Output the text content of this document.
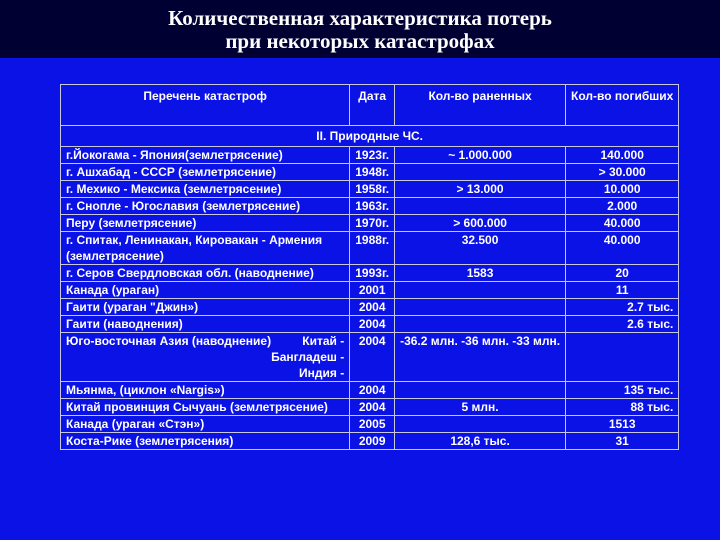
Количественная характеристика потерь
при некоторых катастрофах
Перечень катастроф	Дата	Кол-во раненных	Кол-во погибших
II. Природные ЧС.			
г.Йокогама - Япония(землетрясение)	1923г.	~ 1.000.000	140.000
г. Ашхабад - СССР (землетрясение)	1948г.		> 30.000
г. Мехико - Мексика (землетрясение)	1958г.	> 13.000	10.000
г. Снопле - Югославия (землетрясение)	1963г.		2.000
Перу (землетрясение)	1970г.	> 600.000	40.000
г. Спитак, Ленинакан, Кировакан - Армения (землетрясение)	1988г.	32.500	40.000
г. Серов Свердловская обл. (наводнение)	1993г.	1583	20
Канада (ураган)	2001		11
Гаити (ураган "Джин»)	2004		2.7 тыс.
Гаити (наводнения)	2004		2.6 тыс.

Юго-восточная Азия (наводнение) Китай -
Бангладеш -
Индия -	2004	-36.2 млн. -36 млн. -33 млн.	
Мьянма, (циклон «Nargis»)	2004		135 тыс.
Китай провинция Сычуань (землетрясение)	2004	5 млн.	88 тыс.
Канада (ураган «Стэн»)	2005		1513
Коста-Рике (землетрясения)	2009	128,6 тыс.	31
